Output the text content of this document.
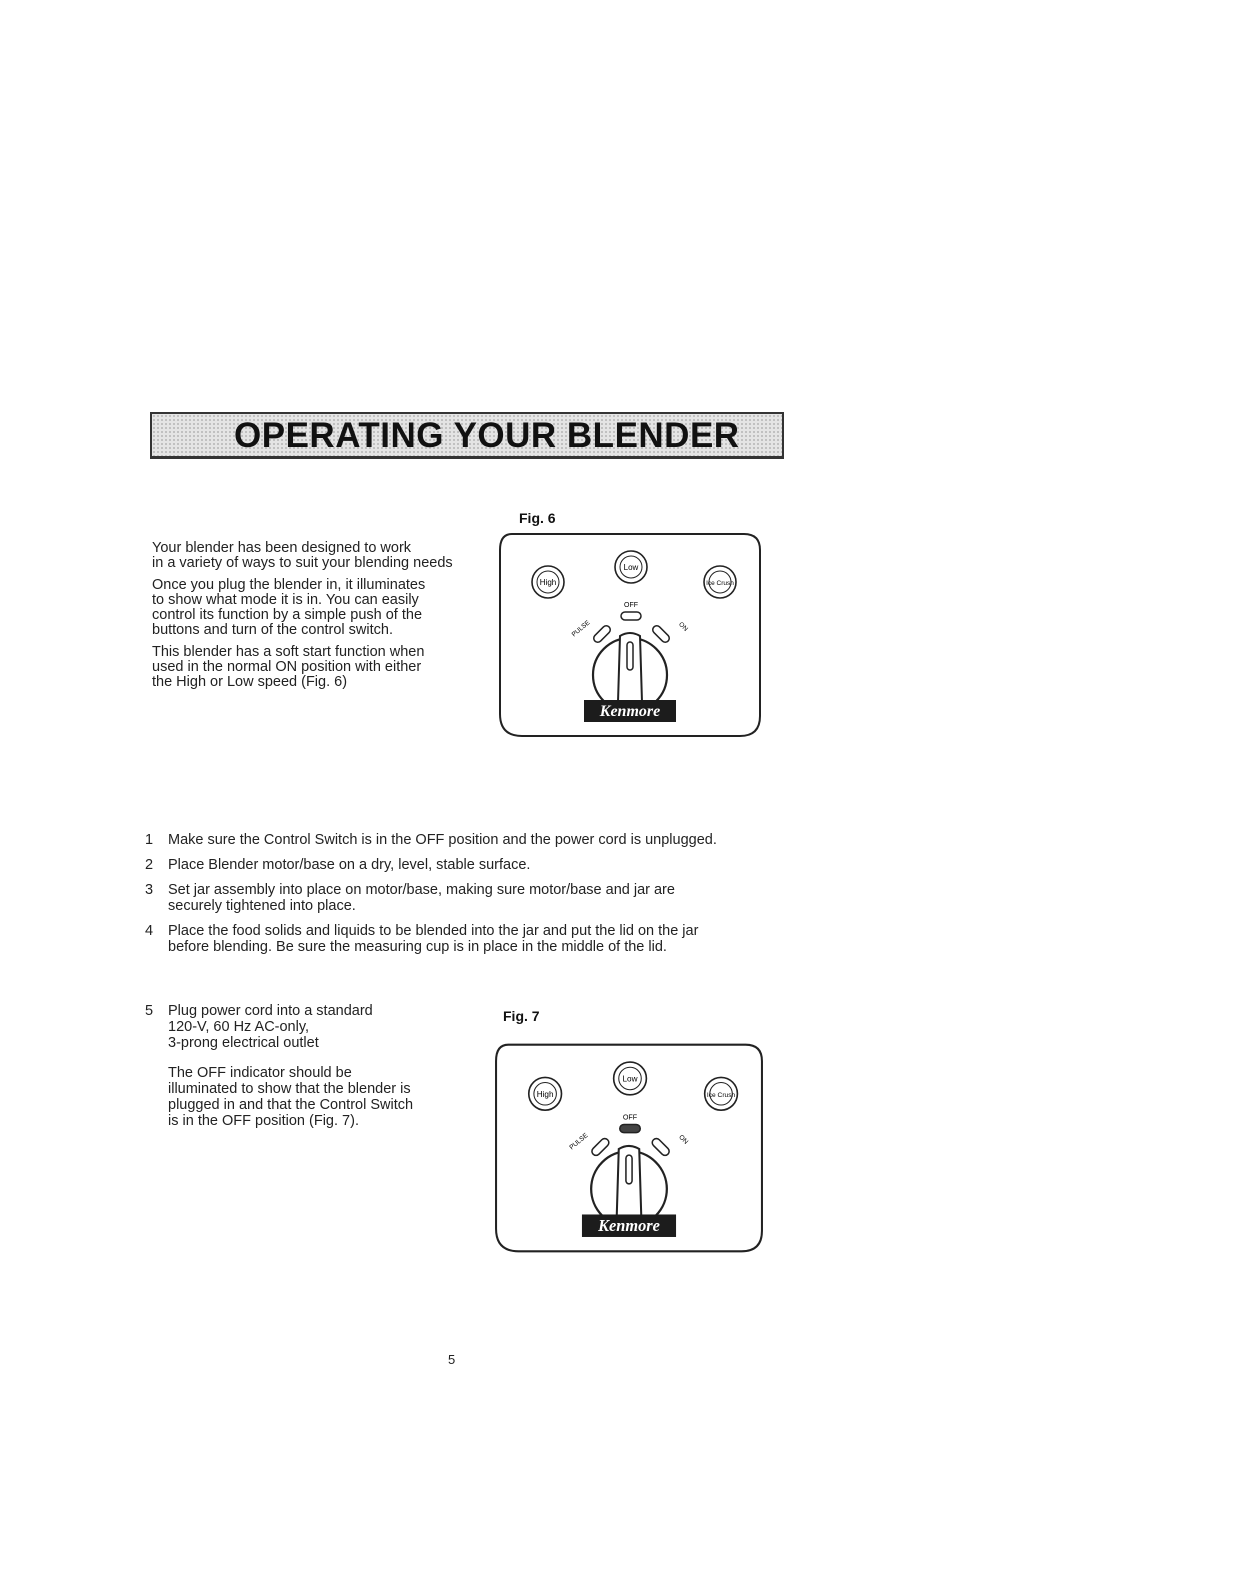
OPERATING YOUR BLENDER

Your blender has been designed to work
in a variety of ways to suit your blending needs

Once you plug the blender in, it illuminates
to show what mode it is in. You can easily
control its function by a simple push of the
buttons and turn of the control switch.

This blender has a soft start function when
used in the normal ON position with either
the High or Low speed (Fig. 6)

Fig. 6
High
Low
Ice Crush
OFF
PULSE	ON
Kenmore
1 Make sure the Control Switch is in the OFF position and the power cord is unplugged.
2 Place Blender motor/base on a dry, level, stable surface.
3 Set jar assembly into place on motor/base, making sure motor/base and jar are
securely tightened into place.
4 Place the food solids and liquids to be blended into the jar and put the lid on the jar
before blending. Be sure the measuring cup is in place in the middle of the lid.
5 Plug power cord into a standard
120-V, 60 Hz AC-only,
3-prong electrical outlet
The OFF indicator should be
illuminated to show that the blender is
plugged in and that the Control Switch
is in the OFF position (Fig. 7).
Fig. 7
High
Low
Ice Crush
OFF
PULSE	ON
Kenmore
5
